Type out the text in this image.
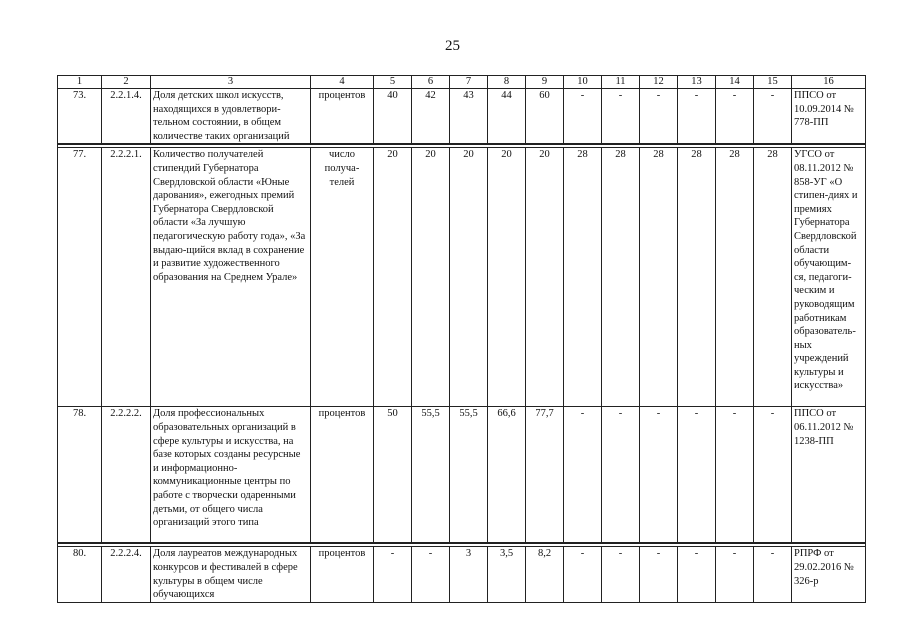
25
1	2	3	4	5	6	7	8	9	10	11	12	13	14	15	16
73.	2.2.1.4.	Доля детских школ искусств, находящихся в удовлетвори-тельном состоянии, в общем количестве таких организаций	процентов	40	42	43	44	60	-	-	-	-	-	-	ППСО от 10.09.2014 № 778-ПП

77.	2.2.2.1.	Количество получателей стипендий Губернатора Свердловской области «Юные дарования», ежегодных премий Губернатора Свердловской области «За лучшую педагогическую работу года», «За выдаю-щийся вклад в сохранение и развитие художественного образования на Среднем Урале»	число получа-телей	20	20	20	20	20	28	28	28	28	28	28	УГСО от 08.11.2012 № 858-УГ «О стипен-диях и премиях Губернатора Свердловской области обучающим-ся, педагоги-ческим и руководящим работникам образователь-ных учреждений культуры и искусства»
78.	2.2.2.2.	Доля профессиональных образовательных организаций в сфере культуры и искусства, на базе которых созданы ресурсные и информационно-коммуникационные центры по работе с творчески одаренными детьми, от общего числа организаций этого типа	процентов	50	55,5	55,5	66,6	77,7	-	-	-	-	-	-	ППСО от 06.11.2012 № 1238-ПП

80.	2.2.2.4.	Доля лауреатов международных конкурсов и фестивалей в сфере культуры в общем числе обучающихся	процентов	-	-	3	3,5	8,2	-	-	-	-	-	-	РПРФ от 29.02.2016 № 326-р
